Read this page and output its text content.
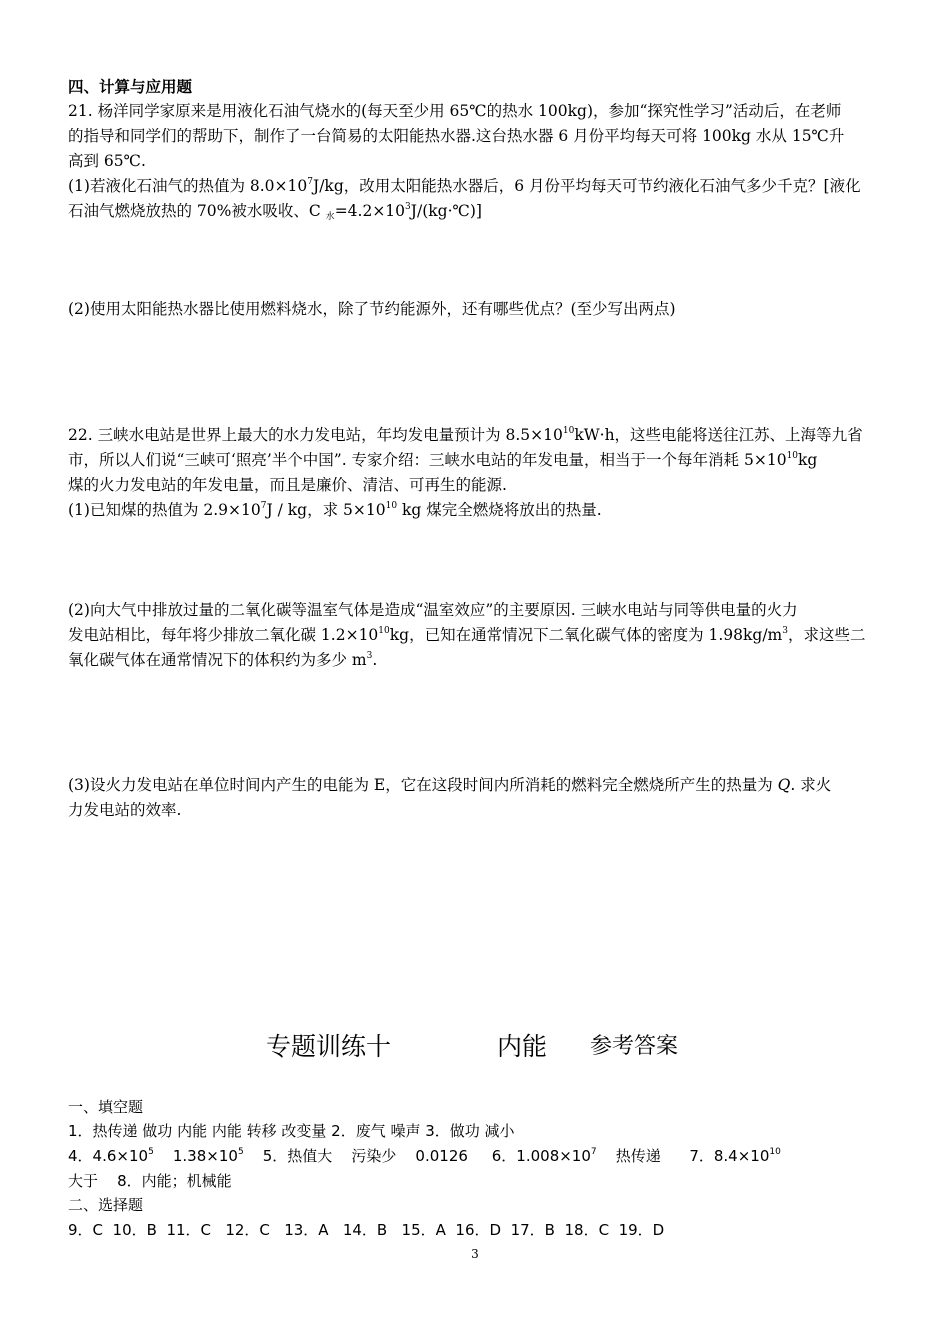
四、计算与应用题
21. 杨洋同学家原来是用液化石油气烧水的(每天至少用 65℃的热水 100kg)，参加“探究性学习”活动后，在老师
的指导和同学们的帮助下，制作了一台简易的太阳能热水器.这台热水器 6 月份平均每天可将 100kg 水从 15℃升
高到 65℃.
(1)若液化石油气的热值为 $8.0\times 10^7J/kg$，改用太阳能热水器后，6 月份平均每天可节约液化石油气多少千克？[液化
石油气燃烧放热的 70%被水吸收、C $_水=4.2\times 10^3J/(kg\cdot℃)$]
(2)使用太阳能热水器比使用燃料烧水，除了节约能源外，还有哪些优点？(至少写出两点)
22. 三峡水电站是世界上最大的水力发电站，年均发电量预计为 $8.5\times 10^{10}kW\cdot h$，这些电能将送往江苏、上海等九省
市，所以人们说“三峡可‘照亮’半个中国”. 专家介绍：三峡水电站的年发电量，相当于一个每年消耗 $5\times 10^{10}kg$
煤的火力发电站的年发电量，而且是廉价、清洁、可再生的能源.
(1)已知煤的热值为 $2.9\times 10^7J$ / kg，求 $5\times 10^{10}$ kg 煤完全燃烧将放出的热量.
(2)向大气中排放过量的二氧化碳等温室气体是造成“温室效应”的主要原因. 三峡水电站与同等供电量的火力
发电站相比，每年将少排放二氧化碳 $1.2\times 10^{10}kg$，已知在通常情况下二氧化碳气体的密度为 $1.98kg/m^3$，求这些二
氧化碳气体在通常情况下的体积约为多少 $m^3$.
(3)设火力发电站在单位时间内产生的电能为 E，它在这段时间内所消耗的燃料完全燃烧所产生的热量为 Q. 求火
力发电站的效率.
专题训练十	内能 参考答案
一、填空题
1．热传递 做功 内能 内能 转移 改变量 2．废气 噪声 3．做功 减小
4．$4.6\times 10^5$    $1.38\times 10^5$    5．热值大    污染少    0.0126     6．$1.008\times 10^7$    热传递      7．$8.4\times 10^{10}$
大于    8．内能；机械能
二、选择题
9．C  10．B  11．C   12．C   13．A   14．B   15．A  16．D  17．B  18．C  19．D
3
